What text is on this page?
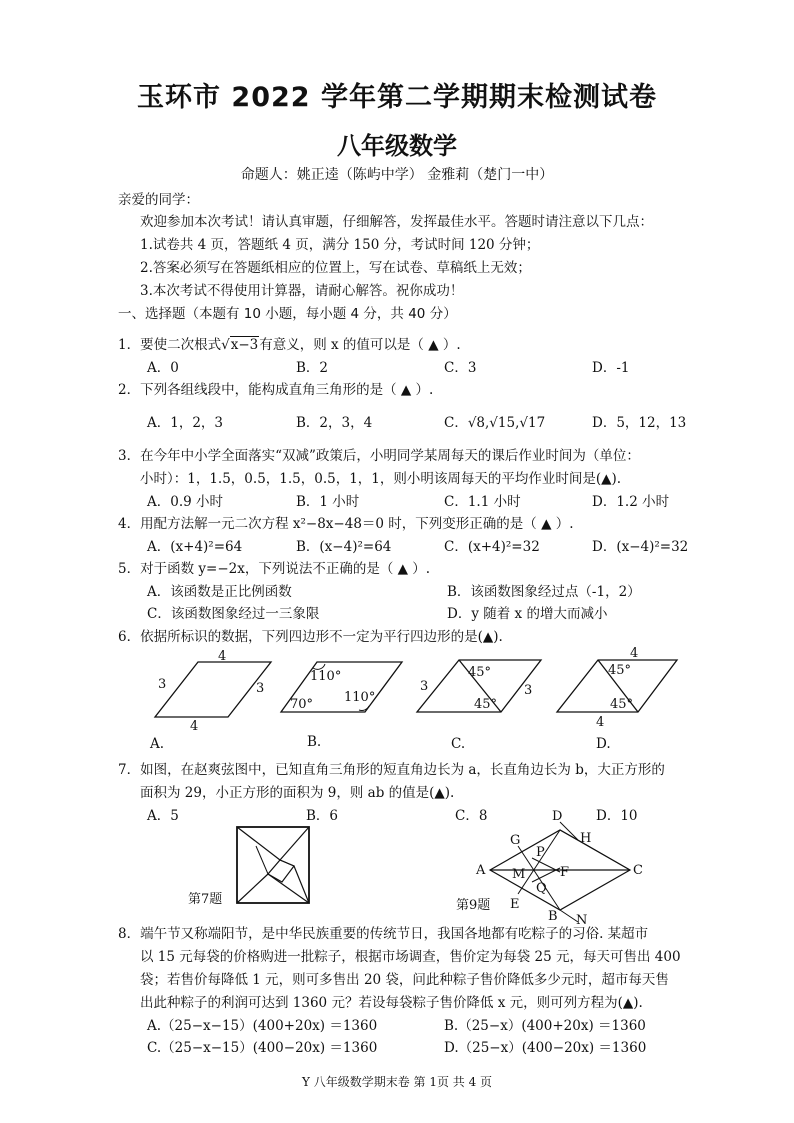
玉环市 2022 学年第二学期期末检测试卷
八年级数学
命题人：姚正逵（陈屿中学） 金雅莉（楚门一中）
亲爱的同学：
欢迎参加本次考试！请认真审题，仔细解答，发挥最佳水平。答题时请注意以下几点：
1.试卷共 4 页，答题纸 4 页，满分 150 分，考试时间 120 分钟；
2.答案必须写在答题纸相应的位置上，写在试卷、草稿纸上无效；
3.本次考试不得使用计算器，请耐心解答。祝你成功！
一、选择题（本题有 10 小题，每小题 4 分，共 40 分）
1．要使二次根式√x−3有意义，则 x 的值可以是（ ▲ ）.
A．0	B．2	C．3	D．-1
2．下列各组线段中，能构成直角三角形的是（ ▲ ）.
A．1，2，3	B．2，3，4	C．√8,√15,√17	D．5，12，13
3．在今年中小学全面落实“双减”政策后，小明同学某周每天的课后作业时间为（单位：
小时）：1，1.5，0.5，1.5，0.5，1，1，则小明该周每天的平均作业时间是(▲).
A．0.9 小时	B．1 小时	C．1.1 小时	D．1.2 小时
4．用配方法解一元二次方程 x²−8x−48＝0 时，下列变形正确的是（ ▲ ）.
A．(x+4)²=64	B．(x−4)²=64	C．(x+4)²=32	D．(x−4)²=32
5．对于函数 y=−2x，下列说法不正确的是（ ▲ ）.
A．该函数是正比例函数	B．该函数图象经过点（-1，2）
C．该函数图象经过一三象限	D．y 随着 x 的增大而减小
6．依据所标识的数据，下列四边形不一定为平行四边形的是(▲).
4
3	3
4
110°
110°
70°
3	3
45°
45°
4
4
45°
45°
A.	B.	C.	D.
7．如图，在赵爽弦图中，已知直角三角形的短直角边长为 a，长直角边长为 b，大正方形的
面积为 29，小正方形的面积为 9，则 ab 的值是(▲).
A．5	B．6	C．8	D．10
第7题
D
H
G
P
A M	F	C
Q
E
B N
第9题
8．端午节又称端阳节，是中华民族重要的传统节日，我国各地都有吃粽子的习俗. 某超市
以 15 元每袋的价格购进一批粽子，根据市场调查，售价定为每袋 25 元，每天可售出 400
袋；若售价每降低 1 元，则可多售出 20 袋，问此种粽子售价降低多少元时，超市每天售
出此种粽子的利润可达到 1360 元？若设每袋粽子售价降低 x 元，则可列方程为(▲).
A.（25−x−15）(400+20x) ＝1360	B.（25−x）(400+20x) ＝1360
C.（25−x−15）(400−20x) ＝1360	D.（25−x）(400−20x) ＝1360
Y 八年级数学期末卷 第 1页 共 4 页
